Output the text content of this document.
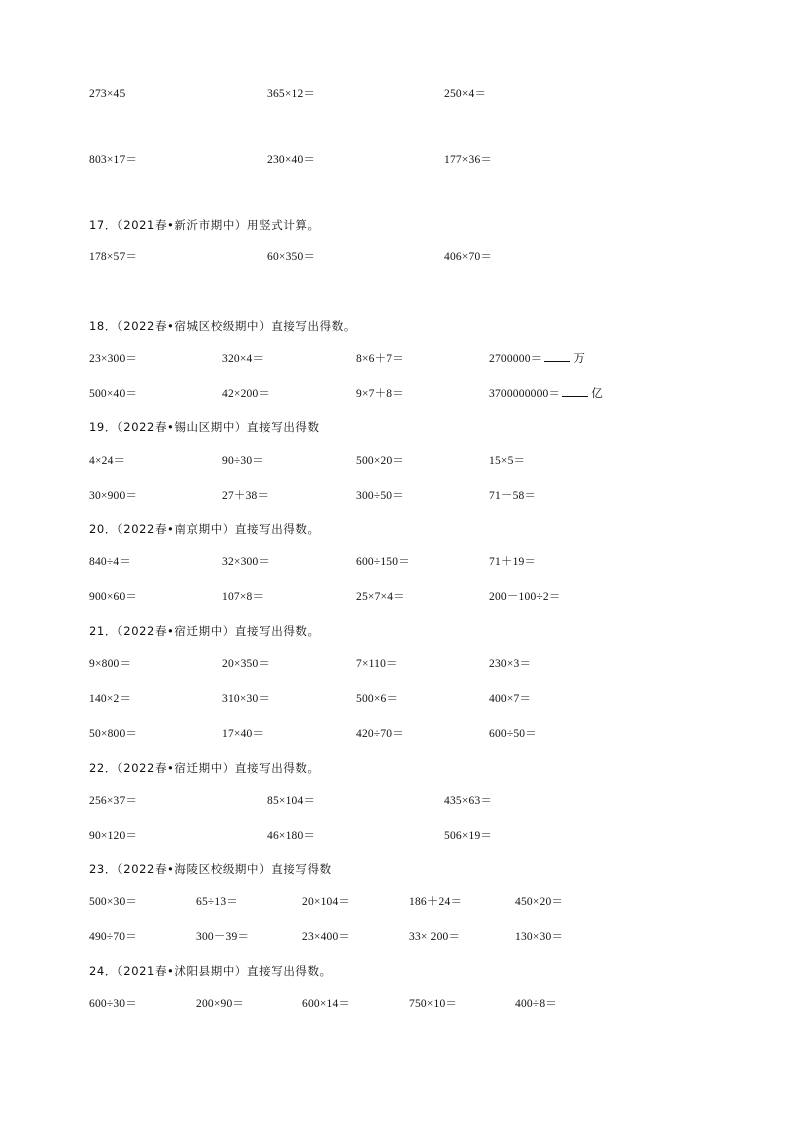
273×45	365×12＝	250×4＝
803×17＝	230×40＝	177×36＝
17．（2021春•新沂市期中）用竖式计算。
178×57＝	60×350＝	406×70＝
18．（2022春•宿城区校级期中）直接写出得数。
23×300＝	320×4＝	8×6＋7＝	2700000＝	万
500×40＝	42×200＝	9×7＋8＝	3700000000＝	亿
19．（2022春•锡山区期中）直接写出得数
4×24＝	90÷30＝	500×20＝	15×5＝
30×900＝	27＋38＝	300÷50＝	71－58＝
20．（2022春•南京期中）直接写出得数。
840÷4＝	32×300＝	600÷150＝	71＋19＝
900×60＝	107×8＝	25×7×4＝	200－100÷2＝
21．（2022春•宿迁期中）直接写出得数。
9×800＝	20×350＝	7×110＝	230×3＝
140×2＝	310×30＝	500×6＝	400×7＝
50×800＝	17×40＝	420÷70＝	600÷50＝
22．（2022春•宿迁期中）直接写出得数。
256×37＝	85×104＝	435×63＝
90×120＝	46×180＝	506×19＝
23．（2022春•海陵区校级期中）直接写得数
500×30＝	65÷13＝	20×104＝	186＋24＝	450×20＝
490÷70＝	300－39＝	23×400＝	33× 200＝	130×30＝
24．（2021春•沭阳县期中）直接写出得数。
600÷30＝	200×90＝	600×14＝	750×10＝	400÷8＝
